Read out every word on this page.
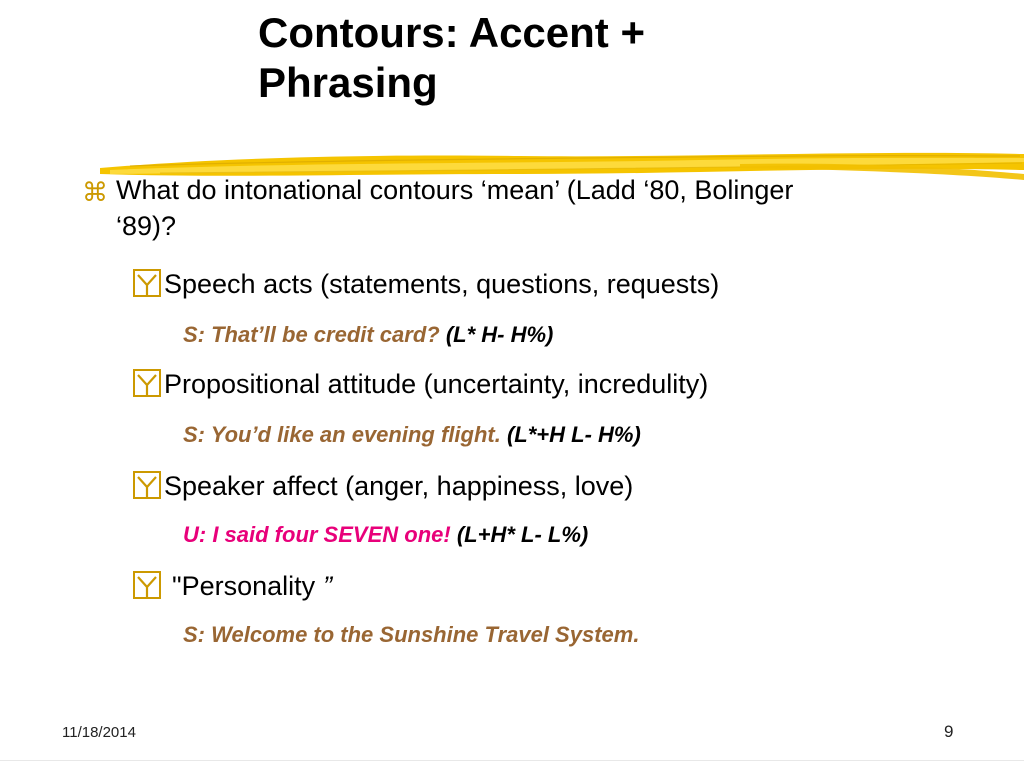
Contours: Accent +
Phrasing
⌘ What do intonational contours ‘mean’ (Ladd ‘80, Bolinger ‘89)?
Speech acts (statements, questions, requests)
S: That’ll be credit card? (L* H- H%)
Propositional attitude (uncertainty, incredulity)
S: You’d like an evening flight. (L*+H L- H%)
Speaker affect (anger, happiness, love)
U: I said four SEVEN one! (L+H* L- L%)
"Personality ”
S: Welcome to the Sunshine Travel System.
11/18/2014	9
